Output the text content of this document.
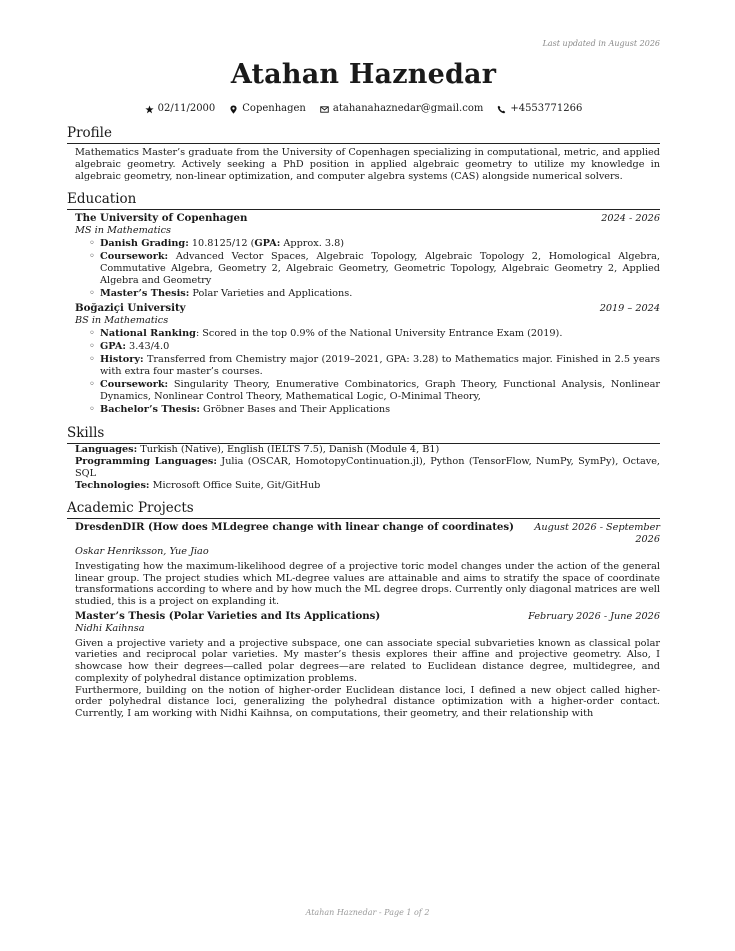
Last updated in August 2026
Atahan Haznedar
02/11/2000	Copenhagen	atahanahaznedar@gmail.com	+4553771266
Profile
Mathematics Master’s graduate from the University of Copenhagen specializing in computational, metric, and applied algebraic geometry. Actively seeking a PhD position in applied algebraic geometry to utilize my knowledge in algebraic geometry, non-linear optimization, and computer algebra systems (CAS) alongside numerical solvers.
Education
The University of Copenhagen	2024 - 2026
MS in Mathematics
◦ Danish Grading: 10.8125/12 (GPA: Approx. 3.8)
◦ Coursework: Advanced Vector Spaces, Algebraic Topology, Algebraic Topology 2, Homological Algebra, Commutative Algebra, Geometry 2, Algebraic Geometry, Geometric Topology, Algebraic Geometry 2, Applied Algebra and Geometry
◦ Master’s Thesis: Polar Varieties and Applications.
Boğaziçi University	2019 – 2024
BS in Mathematics
◦ National Ranking: Scored in the top 0.9% of the National University Entrance Exam (2019).
◦ GPA: 3.43/4.0
◦ History: Transferred from Chemistry major (2019–2021, GPA: 3.28) to Mathematics major. Finished in 2.5 years with extra four master’s courses.
◦ Coursework: Singularity Theory, Enumerative Combinatorics, Graph Theory, Functional Analysis, Nonlinear Dynamics, Nonlinear Control Theory, Mathematical Logic, O-Minimal Theory,
◦ Bachelor’s Thesis: Gröbner Bases and Their Applications
Skills
Languages: Turkish (Native), English (IELTS 7.5), Danish (Module 4, B1)
Programming Languages: Julia (OSCAR, HomotopyContinuation.jl), Python (TensorFlow, NumPy, SymPy), Octave, SQL
Technologies: Microsoft Office Suite, Git/GitHub
Academic Projects
DresdenDIR (How does MLdegree change with linear change of coordinates)	August 2026 - September 2026
Oskar Henriksson, Yue Jiao
Investigating how the maximum-likelihood degree of a projective toric model changes under the action of the general linear group. The project studies which ML-degree values are attainable and aims to stratify the space of coordinate transformations according to where and by how much the ML degree drops. Currently only diagonal matrices are well studied, this is a project on explanding it.
Master’s Thesis (Polar Varieties and Its Applications)	February 2026 - June 2026
Nidhi Kaihnsa
Given a projective variety and a projective subspace, one can associate special subvarieties known as classical polar varieties and reciprocal polar varieties. My master’s thesis explores their affine and projective geometry. Also, I showcase how their degrees—called polar degrees—are related to Euclidean distance degree, multidegree, and complexity of polyhedral distance optimization problems.
Furthermore, building on the notion of higher-order Euclidean distance loci, I defined a new object called higher-order polyhedral distance loci, generalizing the polyhedral distance optimization with a higher-order contact. Currently, I am working with Nidhi Kaihnsa, on computations, their geometry, and their relationship with
Atahan Haznedar - Page 1 of 2
